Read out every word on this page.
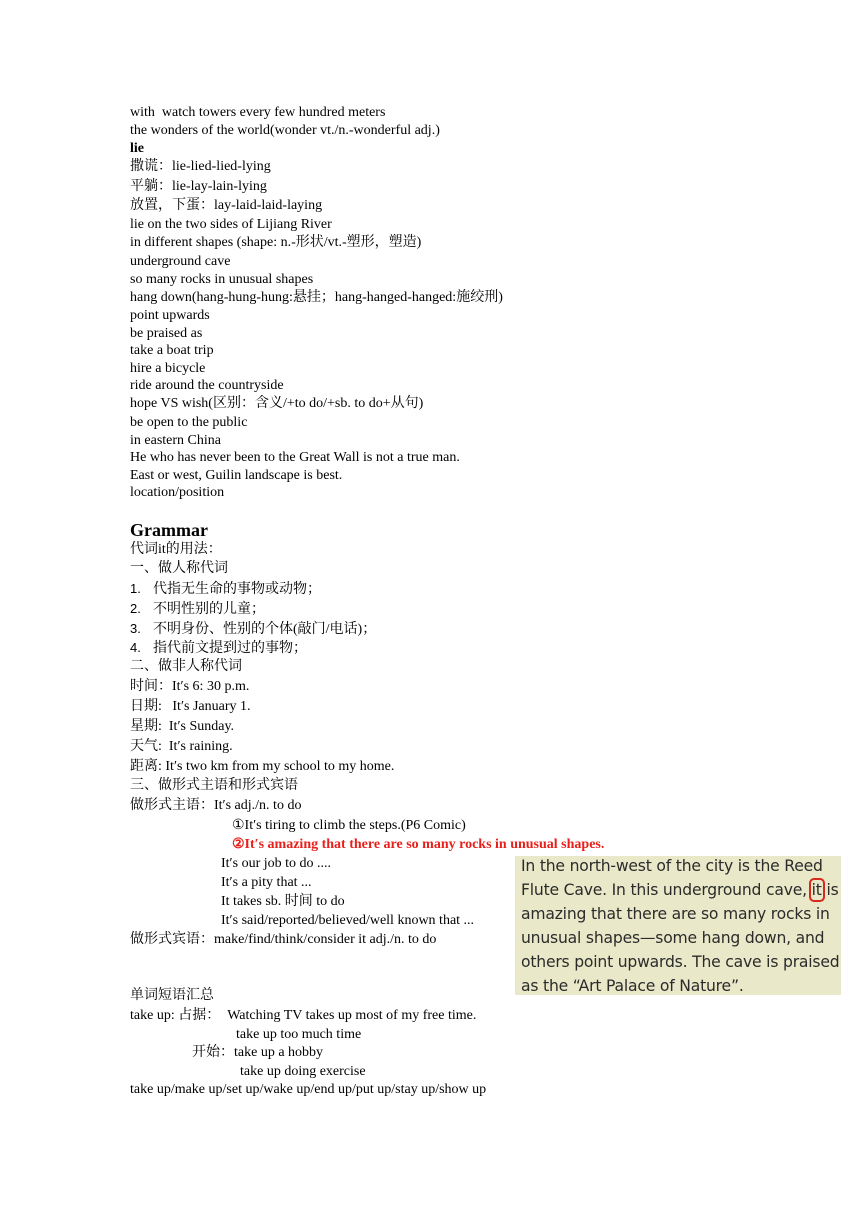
with  watch towers every few hundred meters
the wonders of the world(wonder vt./n.-wonderful adj.)
lie
撒谎：lie-lied-lied-lying
平躺：lie-lay-lain-lying
放置，下蛋：lay-laid-laid-laying
lie on the two sides of Lijiang River
in different shapes (shape: n.-形状/vt.-塑形，塑造)
underground cave
so many rocks in unusual shapes
hang down(hang-hung-hung:悬挂；hang-hanged-hanged:施绞刑)
point upwards
be praised as
take a boat trip
hire a bicycle
ride around the countryside
hope VS wish(区别：含义/+to do/+sb. to do+从句)
be open to the public
in eastern China
He who has never been to the Great Wall is not a true man.
East or west, Guilin landscape is best.
location/position
Grammar
代词it的用法：
一、做人称代词
1. 代指无生命的事物或动物；
2. 不明性别的儿童；
3. 不明身份、性别的个体(敲门/电话)；
4. 指代前文提到过的事物；
二、做非人称代词
时间：It′s 6: 30 p.m.
日期:   It′s January 1.
星期:  It′s Sunday.
天气:  It′s raining.
距离: It′s two km from my school to my home.
三、做形式主语和形式宾语
做形式主语：It′s adj./n. to do
①It′s tiring to climb the steps.(P6 Comic)
②It′s amazing that there are so many rocks in unusual shapes.
It′s our job to do ....
It′s a pity that ...
It takes sb. 时间 to do
It′s said/reported/believed/well known that ...
做形式宾语：make/find/think/consider it adj./n. to do
In the north-west of the city is the Reed
Flute Cave. In this underground cave, it is
amazing that there are so many rocks in
unusual shapes—some hang down, and
others point upwards. The cave is praised
as the “Art Palace of Nature”.
单词短语汇总
take up: 占据：  Watching TV takes up most of my free time.
take up too much time
开始：take up a hobby
take up doing exercise
take up/make up/set up/wake up/end up/put up/stay up/show up
